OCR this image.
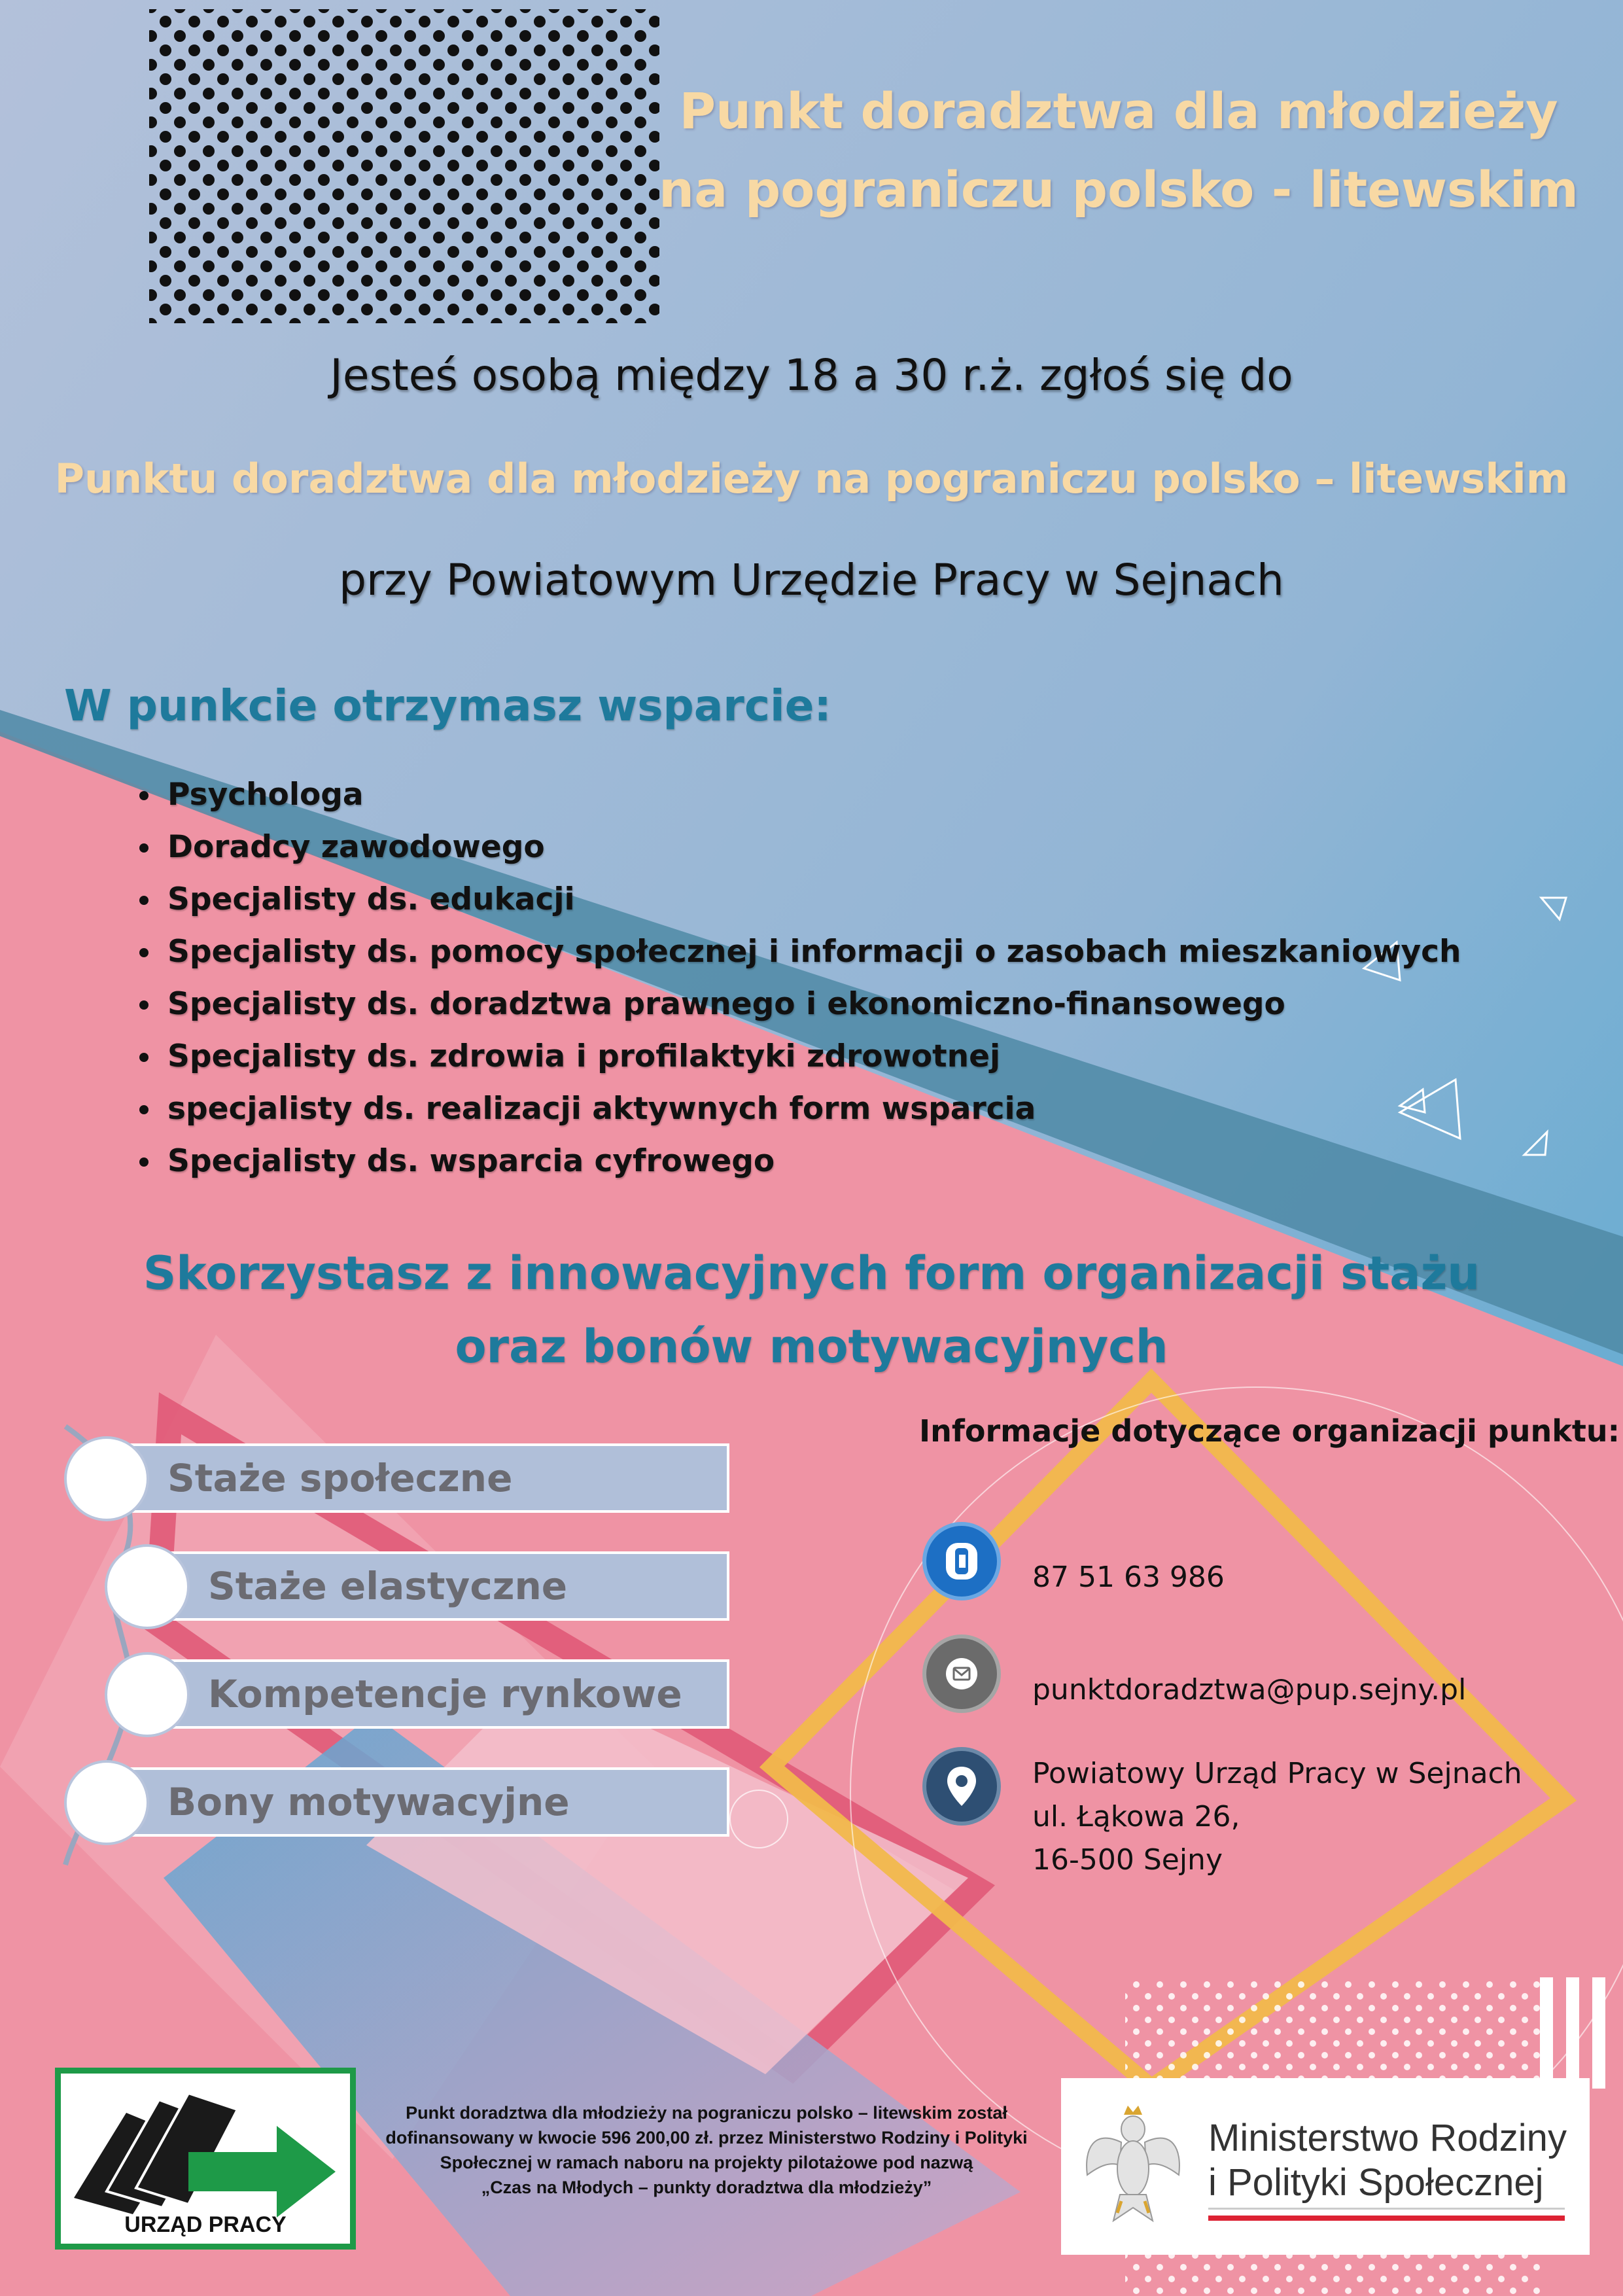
Punkt doradztwa dla młodzieży
na pograniczu polsko - litewskim
Jesteś osobą między 18 a 30 r.ż. zgłoś się do
Punktu doradztwa dla młodzieży na pograniczu polsko – litewskim
przy Powiatowym Urzędzie Pracy w Sejnach
W punkcie otrzymasz wsparcie:
• Psychologa
• Doradcy zawodowego
• Specjalisty ds. edukacji
• Specjalisty ds. pomocy społecznej i informacji o zasobach mieszkaniowych
• Specjalisty ds. doradztwa prawnego i ekonomiczno-finansowego
• Specjalisty ds. zdrowia i profilaktyki zdrowotnej
• specjalisty ds. realizacji aktywnych form wsparcia
• Specjalisty ds. wsparcia cyfrowego
Skorzystasz z innowacyjnych form organizacji stażu
oraz bonów motywacyjnych
Staże społeczne
Staże elastyczne
Kompetencje rynkowe
Bony motywacyjne
Informacje dotyczące organizacji punktu:
87 51 63 986
punktdoradztwa@pup.sejny.pl
Powiatowy Urząd Pracy w Sejnach
ul. Łąkowa 26,
16-500 Sejny
URZĄD PRACY
Punkt doradztwa dla młodzieży na pograniczu polsko – litewskim został
dofinansowany w kwocie 596 200,00 zł. przez Ministerstwo Rodziny i Polityki
Społecznej w ramach naboru na projekty pilotażowe pod nazwą
„Czas na Młodych – punkty doradztwa dla młodzieży”
Ministerstwo Rodziny
i Polityki Społecznej
